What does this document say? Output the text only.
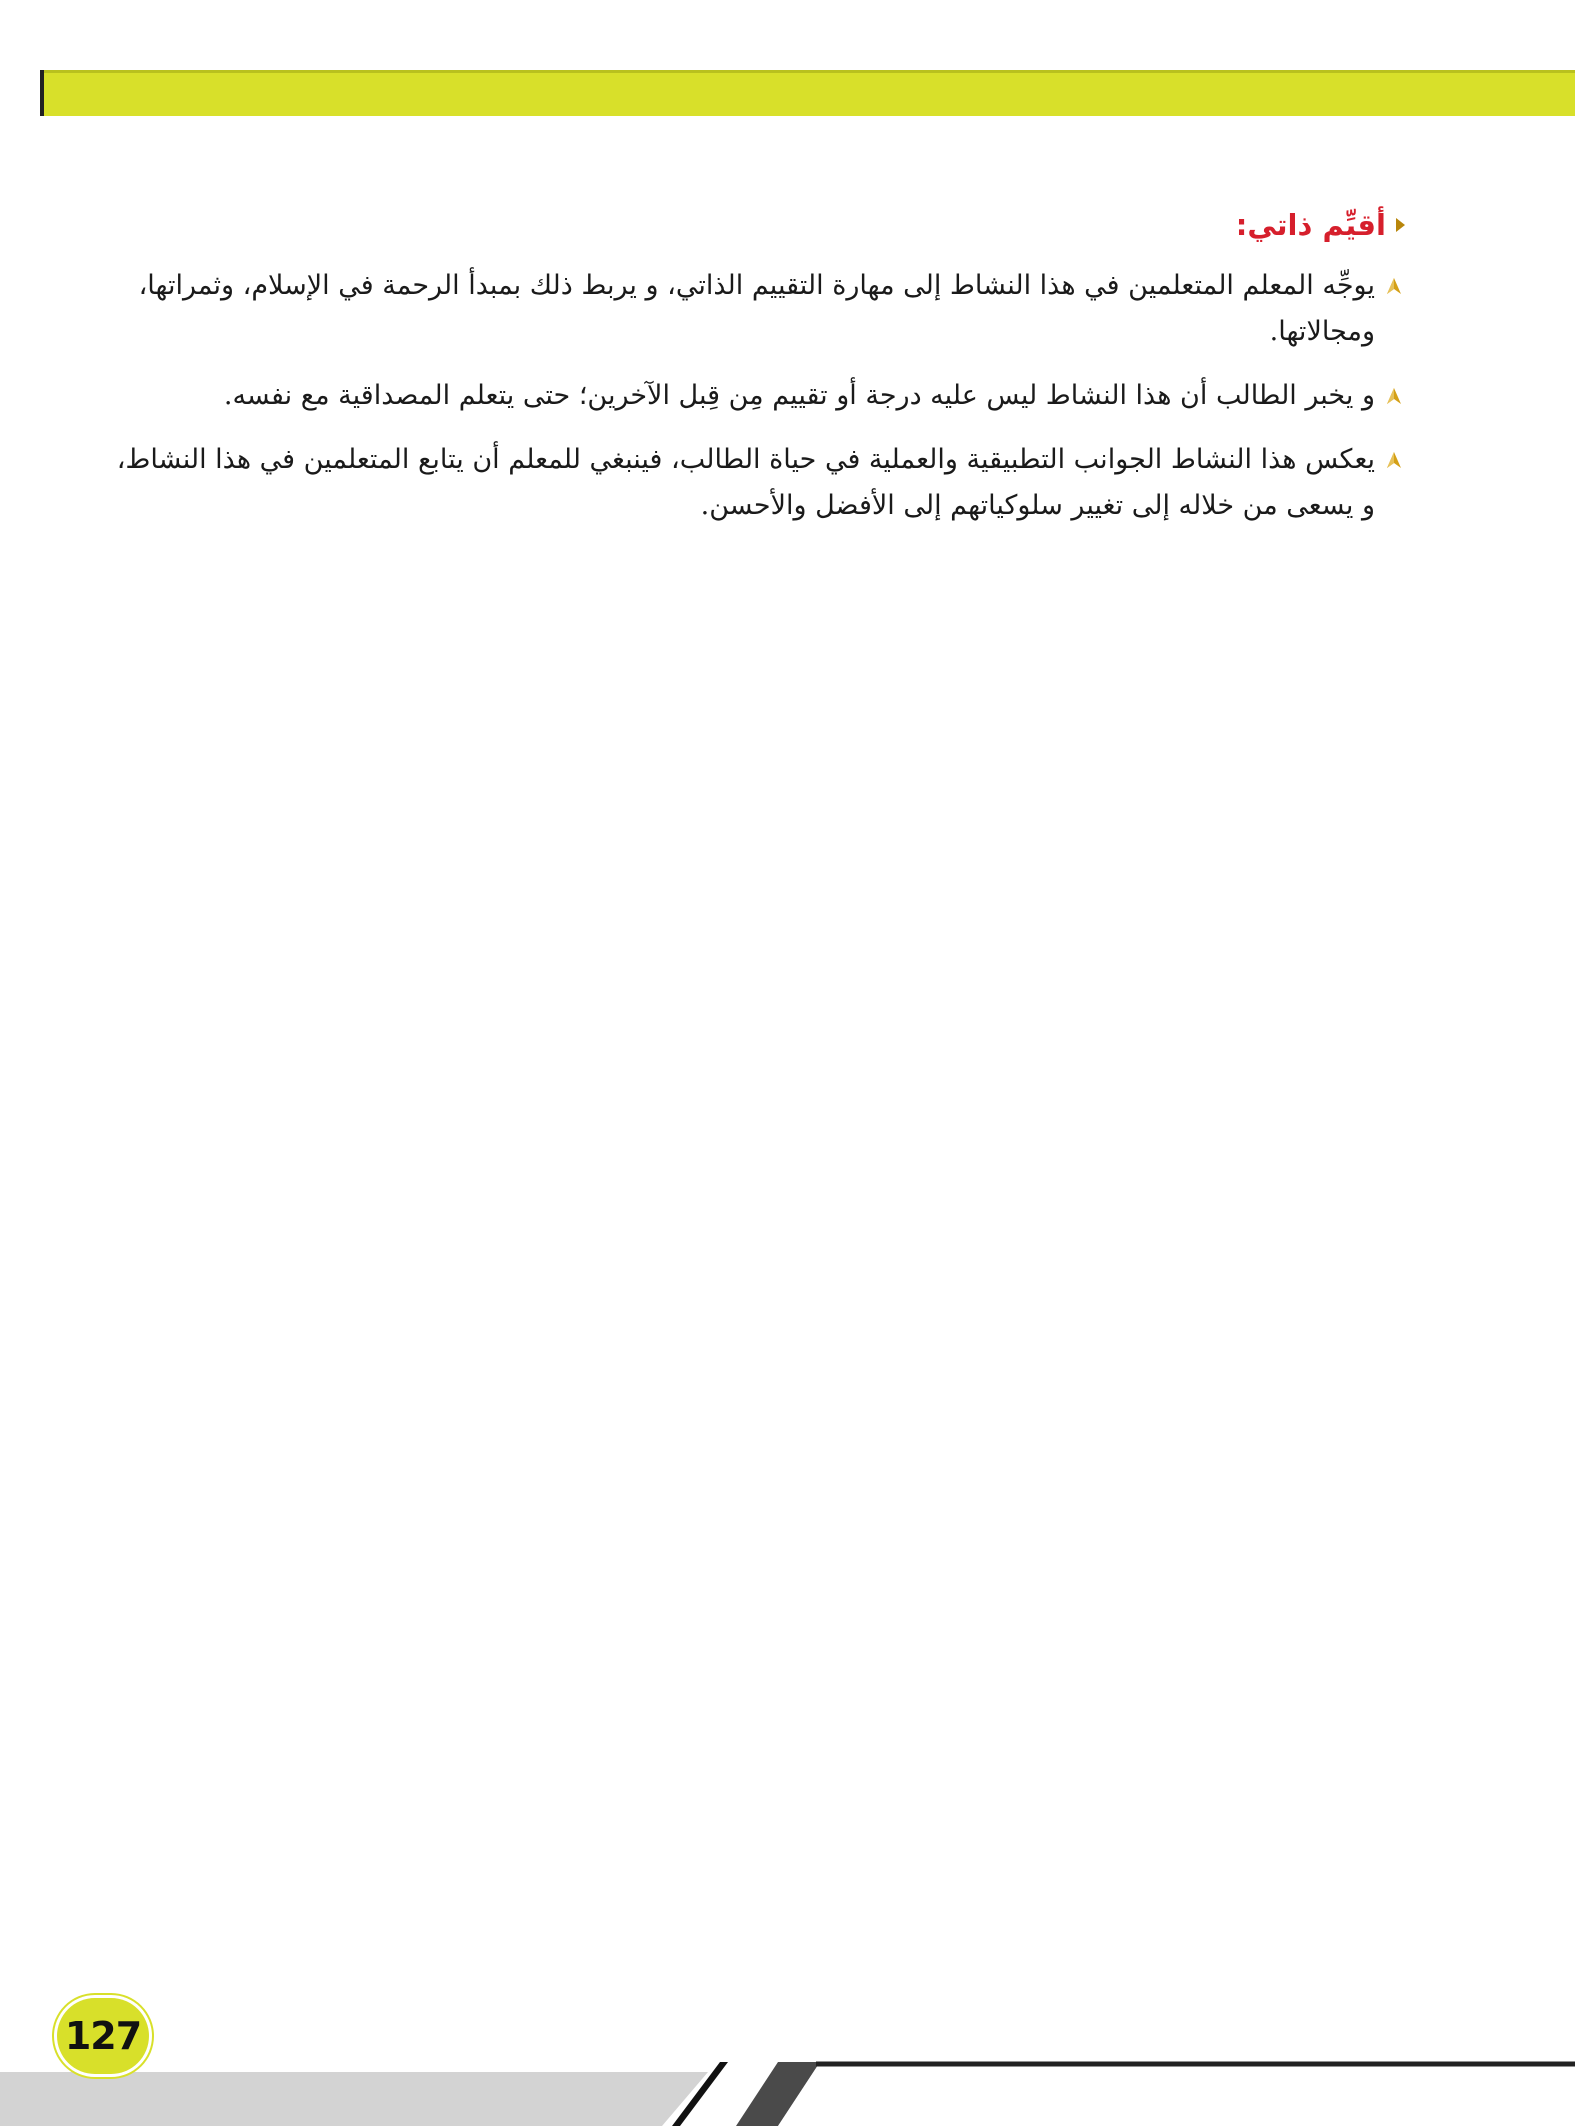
أقيِّم ذاتي:
يوجِّه المعلم المتعلمين في هذا النشاط إلى مهارة التقييم الذاتي، و يربط ذلك بمبدأ الرحمة في الإسلام، وثمراتها، ومجالاتها.
و يخبر الطالب أن هذا النشاط ليس عليه درجة أو تقييم مِن قِبل الآخرين؛ حتى يتعلم المصداقية مع نفسه.
يعكس هذا النشاط الجوانب التطبيقية والعملية في حياة الطالب، فينبغي للمعلم أن يتابع المتعلمين في هذا النشاط، و يسعى من خلاله إلى تغيير سلوكياتهم إلى الأفضل والأحسن.
127
